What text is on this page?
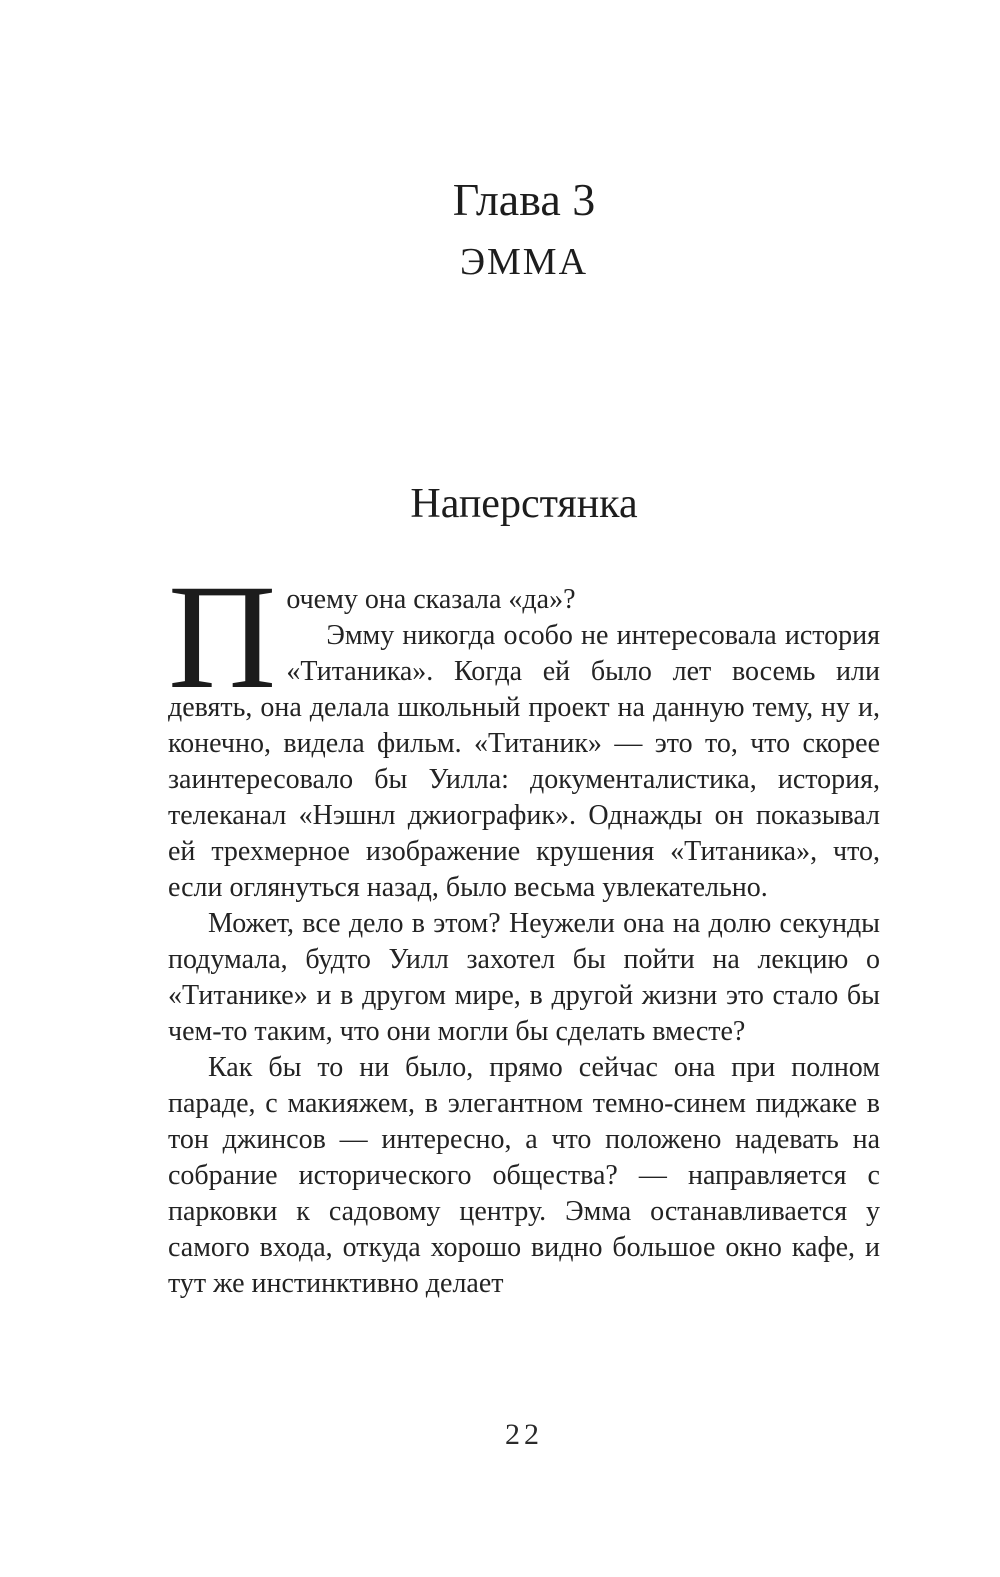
Глава 3
ЭММА
Наперстянка
П очему она сказала «да»?

Эмму никогда особо не интересовала история «Титаника». Когда ей было лет восемь или девять, она делала школьный проект на данную тему, ну и, конечно, видела фильм. «Титаник» — это то, что скорее заинтересовало бы Уилла: документалистика, история, телеканал «Нэшнл джиографик». Однажды он показывал ей трехмерное изображение крушения «Титаника», что, если оглянуться назад, было весьма увлекательно.

Может, все дело в этом? Неужели она на долю секунды подумала, будто Уилл захотел бы пойти на лекцию о «Титанике» и в другом мире, в другой жизни это стало бы чем-то таким, что они могли бы сделать вместе?

Как бы то ни было, прямо сейчас она при полном параде, с макияжем, в элегантном темно-синем пиджаке в тон джинсов — интересно, а что положено надевать на собрание исторического общества? — направляется с парковки к садовому центру. Эмма останавливается у самого входа, откуда хорошо видно большое окно кафе, и тут же инстинктивно делает

22
